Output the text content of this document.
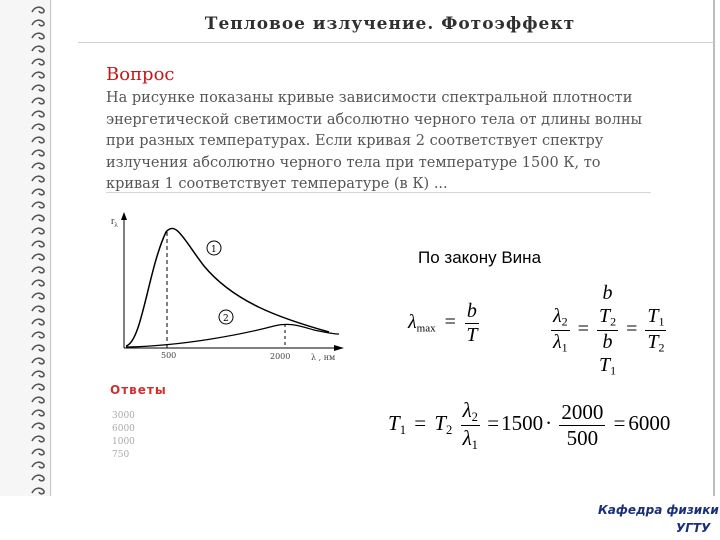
Тепловое излучение. Фотоэффект
Вопрос
На рисунке показаны кривые зависимости спектральной плотности энергетической светимости абсолютно черного тела от длины волны при разных температурах. Если кривая 2 соответствует спектру излучения абсолютно черного тела при температуре 1500 К, то кривая 1 соответствует температуре (в К) ...
$r_\lambda$
500	2000	λ , нм
1
2
Ответы
3000
6000
1000
750
По закону Вина
$\lambda_{max} = \frac{b}{T}$	$\frac{\lambda_2}{\lambda_1}$ =
b
$T_2$
b
$T_1$
= $\frac{T_1}{T_2}$
$T_1 = T_2 \frac{\lambda_2}{\lambda_1} =1500\cdot \frac{2000}{500} = 6000$
Кафедра физики
УГТУ
